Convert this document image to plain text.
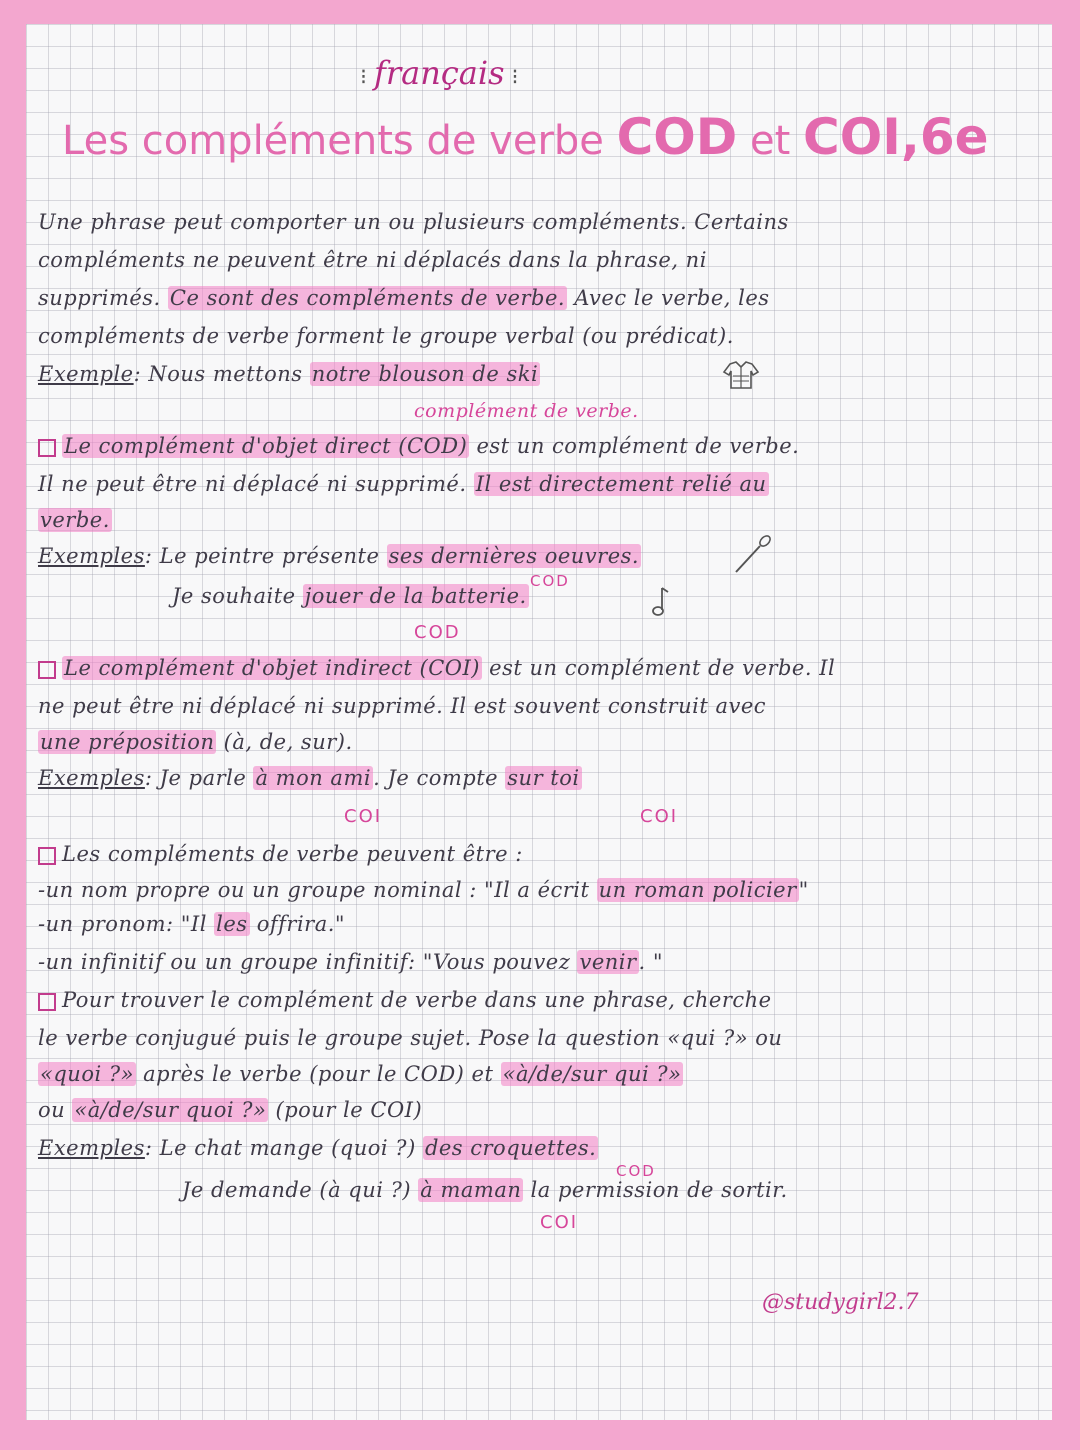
⁝ français ⁝
Les compléments de verbe COD et COI,6e
Une phrase peut comporter un ou plusieurs compléments. Certains
compléments ne peuvent être ni déplacés dans la phrase, ni
supprimés. Ce sont des compléments de verbe. Avec le verbe, les
compléments de verbe forment le groupe verbal (ou prédicat).
Exemple: Nous mettons notre blouson de ski
complément de verbe.
Le complément d'objet direct (COD) est un complément de verbe.
Il ne peut être ni déplacé ni supprimé. Il est directement relié au
verbe.
Exemples: Le peintre présente ses dernières oeuvres.
COD
Je souhaite jouer de la batterie.
COD
Le complément d'objet indirect (COI) est un complément de verbe. Il
ne peut être ni déplacé ni supprimé. Il est souvent construit avec
une préposition (à, de, sur).
Exemples: Je parle à mon ami. Je compte sur toi
COI	COI
Les compléments de verbe peuvent être :
-un nom propre ou un groupe nominal : "Il a écrit un roman policier"
-un pronom: "Il les offrira."
-un infinitif ou un groupe infinitif: "Vous pouvez venir. "
Pour trouver le complément de verbe dans une phrase, cherche
le verbe conjugué puis le groupe sujet. Pose la question «qui ?» ou
«quoi ?» après le verbe (pour le COD) et «à/de/sur qui ?»
ou «à/de/sur quoi ?» (pour le COI)
Exemples: Le chat mange (quoi ?) des croquettes.
COD
Je demande (à qui ?) à maman la permission de sortir.
COI
@studygirl2.7
